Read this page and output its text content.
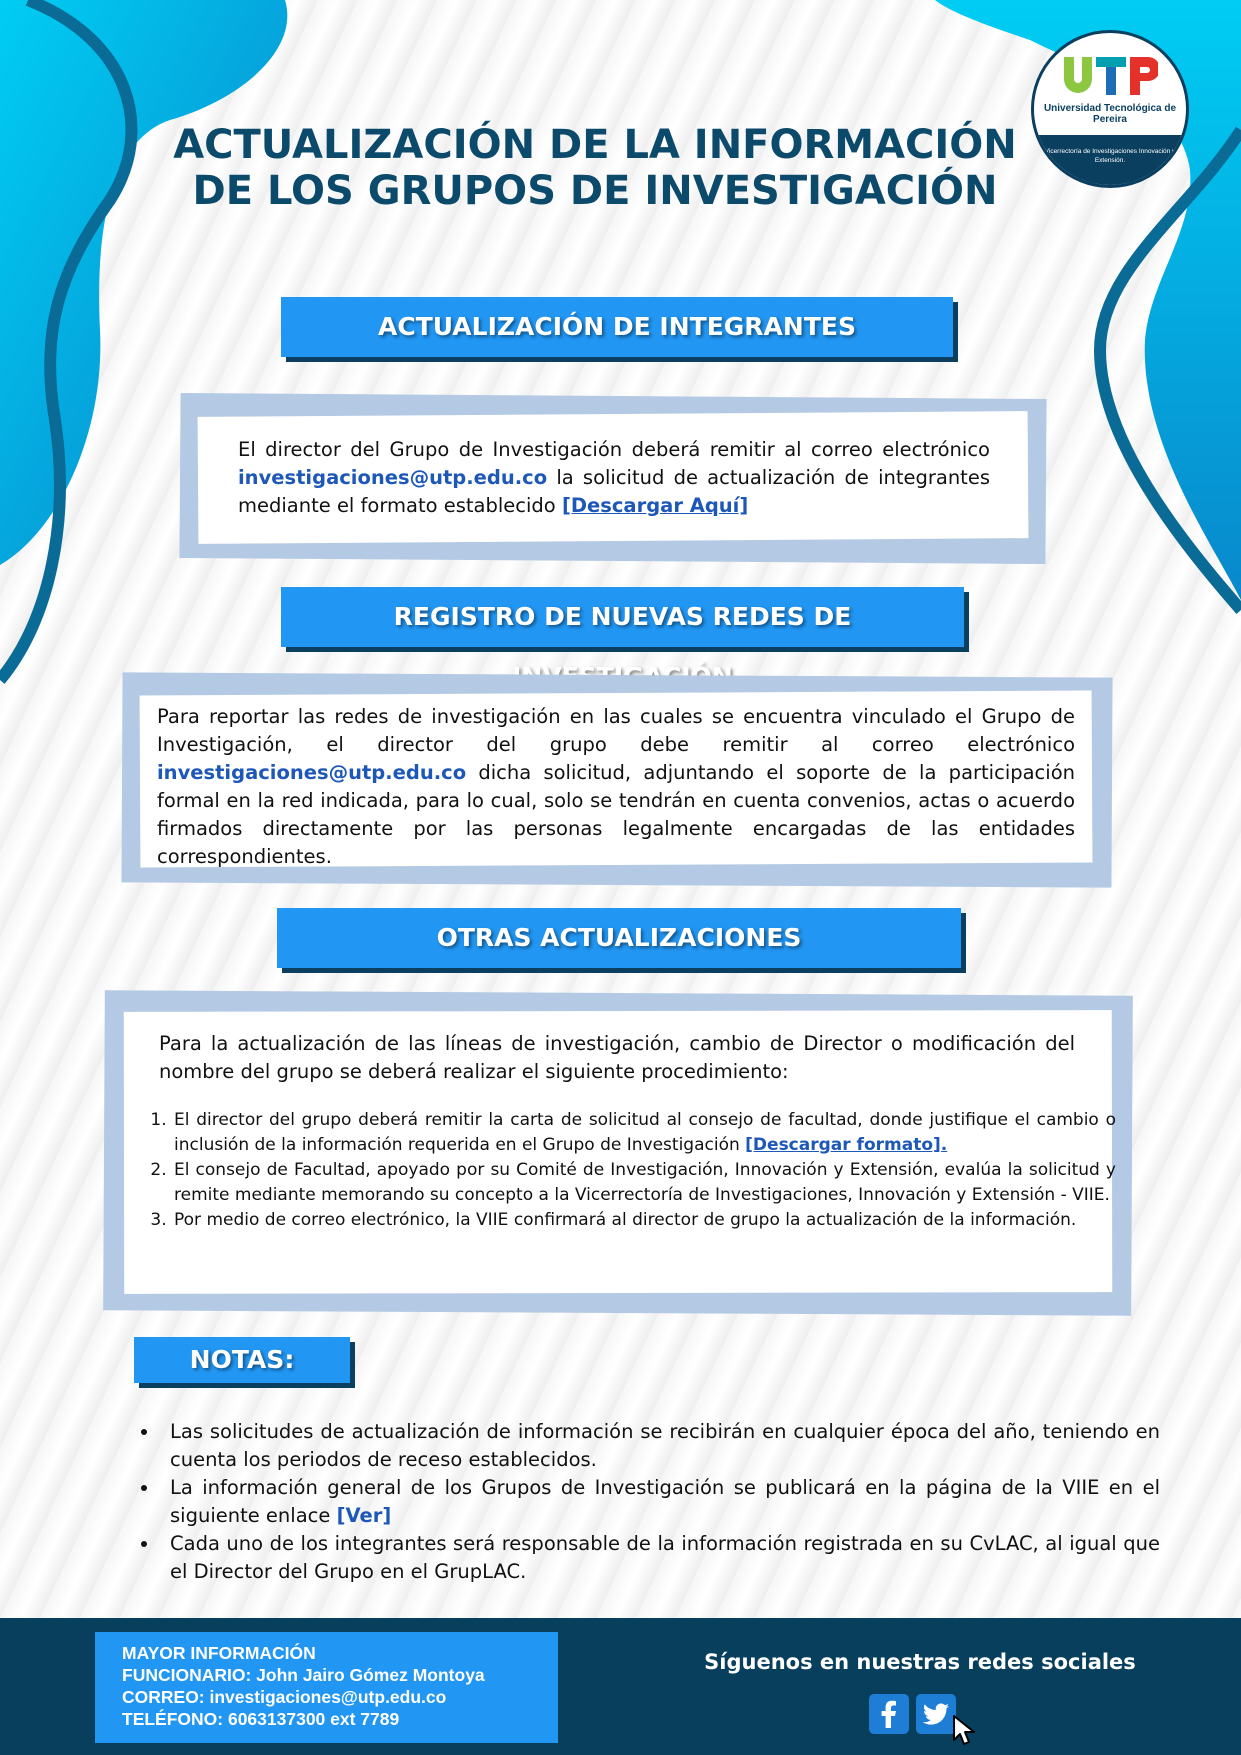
ACTUALIZACIÓN DE LA INFORMACIÓN DE LOS GRUPOS DE INVESTIGACIÓN
Universidad Tecnológica de Pereira
Vicerrectoría de Investigaciones Innovación y Extensión.
ACTUALIZACIÓN DE INTEGRANTES

El director del Grupo de Investigación deberá remitir al correo electrónico investigaciones@utp.edu.co la solicitud de actualización de integrantes mediante el formato establecido [Descargar Aquí]

REGISTRO DE NUEVAS REDES DE

Para reportar las redes de investigación en las cuales se encuentra vinculado el Grupo de Investigación, el director del grupo debe remitir al correo electrónico investigaciones@utp.edu.co dicha solicitud, adjuntando el soporte de la participación formal en la red indicada, para lo cual, solo se tendrán en cuenta convenios, actas o acuerdo firmados directamente por las personas legalmente encargadas de las entidades correspondientes.

OTRAS ACTUALIZACIONES

Para la actualización de las líneas de investigación, cambio de Director o modificación del nombre del grupo se deberá realizar el siguiente procedimiento:

1. El director del grupo deberá remitir la carta de solicitud al consejo de facultad, donde justifique el cambio o inclusión de la información requerida en el Grupo de Investigación [Descargar formato].
2. El consejo de Facultad, apoyado por su Comité de Investigación, Innovación y Extensión, evalúa la solicitud y remite mediante memorando su concepto a la Vicerrectoría de Investigaciones, Innovación y Extensión - VIIE.
3. Por medio de correo electrónico, la VIIE confirmará al director de grupo la actualización de la información.
NOTAS:
• Las solicitudes de actualización de información se recibirán en cualquier época del año, teniendo en cuenta los periodos de receso establecidos.
• La información general de los Grupos de Investigación se publicará en la página de la VIIE en el siguiente enlace [Ver]
• Cada uno de los integrantes será responsable de la información registrada en su CvLAC, al igual que el Director del Grupo en el GrupLAC.
MAYOR INFORMACIÓN
FUNCIONARIO: John Jairo Gómez Montoya
CORREO: investigaciones@utp.edu.co
TELÉFONO: 6063137300 ext 7789
Síguenos en nuestras redes sociales
